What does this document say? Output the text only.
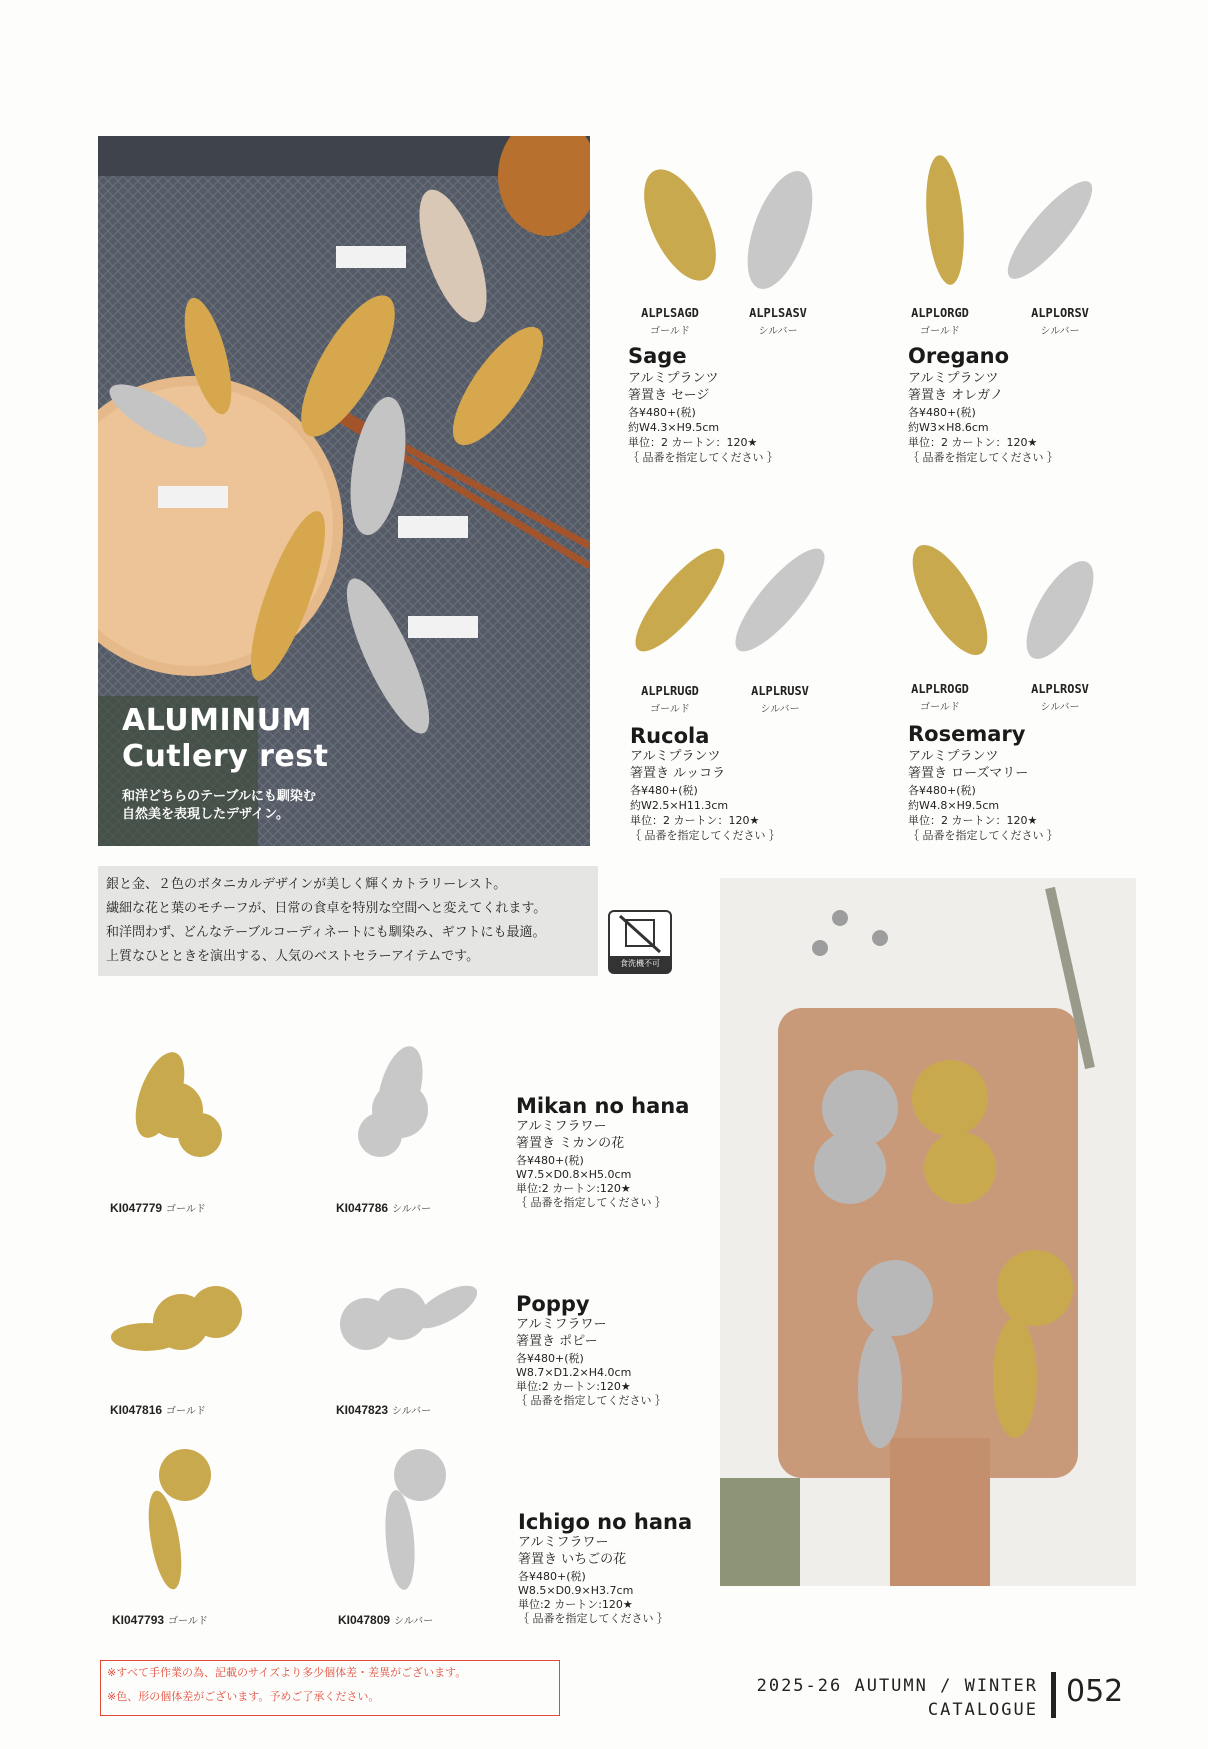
ALUMINUM
Cutlery rest
和洋どちらのテーブルにも馴染む
自然美を表現したデザイン。
ALPLSAGD
ゴールド
ALPLSASV
シルバー
Sage
アルミプランツ
箸置き セージ
各¥480+(税)
約W4.3×H9.5cm
単位：2 カートン：120★
｛ 品番を指定してください ｝
ALPLORGD
ゴールド
ALPLORSV
シルバー
Oregano
アルミプランツ
箸置き オレガノ
各¥480+(税)
約W3×H8.6cm
単位：2 カートン：120★
｛ 品番を指定してください ｝
ALPLRUGD
ゴールド
ALPLRUSV
シルバー
Rucola
アルミプランツ
箸置き ルッコラ
各¥480+(税)
約W2.5×H11.3cm
単位：2 カートン：120★
｛ 品番を指定してください ｝
ALPLROGD
ゴールド
ALPLROSV
シルバー
Rosemary
アルミプランツ
箸置き ローズマリー
各¥480+(税)
約W4.8×H9.5cm
単位：2 カートン：120★
｛ 品番を指定してください ｝

銀と金、２色のボタニカルデザインが美しく輝くカトラリーレスト。

繊細な花と葉のモチーフが、日常の食卓を特別な空間へと変えてくれます。

和洋問わず、どんなテーブルコーディネートにも馴染み、ギフトにも最適。

上質なひとときを演出する、人気のベストセラーアイテムです。	食洗機不可
KI047779 ゴールド	KI047786 シルバー
Mikan no hana
アルミフラワー
箸置き ミカンの花
各¥480+(税)
W7.5×D0.8×H5.0cm
単位:2 カートン:120★
｛ 品番を指定してください ｝
KI047816 ゴールド	KI047823 シルバー
Poppy
アルミフラワー
箸置き ポピー
各¥480+(税)
W8.7×D1.2×H4.0cm
単位:2 カートン:120★
｛ 品番を指定してください ｝
KI047793 ゴールド	KI047809 シルバー
Ichigo no hana
アルミフラワー
箸置き いちごの花
各¥480+(税)
W8.5×D0.9×H3.7cm
単位:2 カートン:120★
｛ 品番を指定してください ｝

※すべて手作業の為、記載のサイズより多少個体差・差異がございます。

※色、形の個体差がございます。予めご了承ください。

2025-26 AUTUMN / WINTER
CATALOGUE
052
